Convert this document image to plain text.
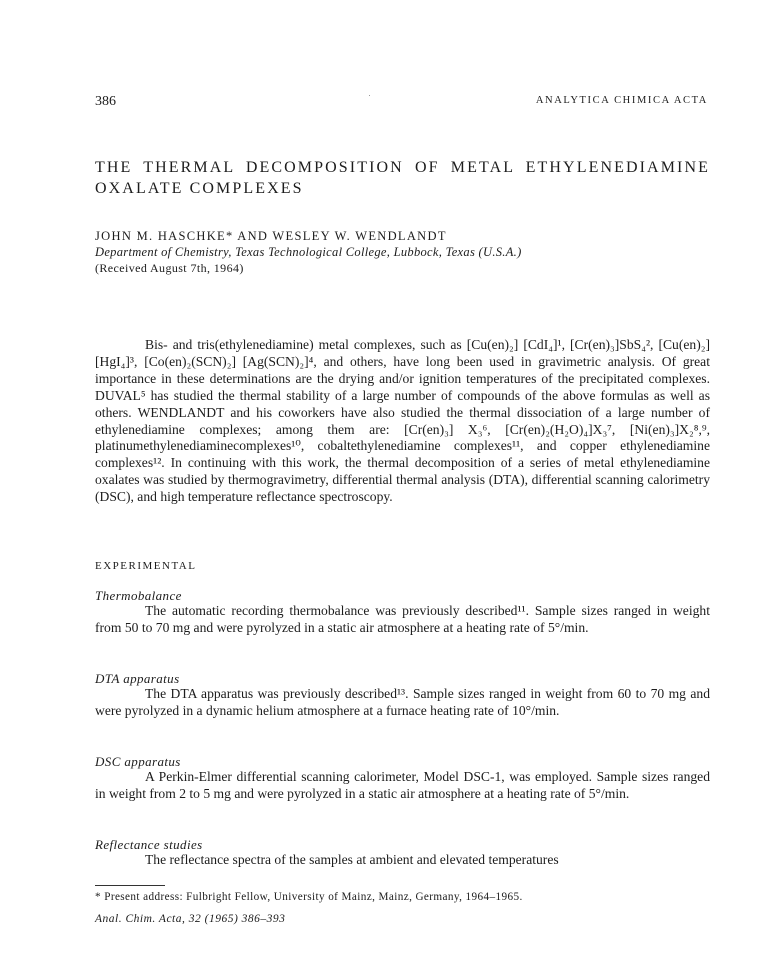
386	ANALYTICA CHIMICA ACTA
THE THERMAL DECOMPOSITION OF METAL ETHYLENEDIAMINE
OXALATE COMPLEXES
JOHN M. HASCHKE* AND WESLEY W. WENDLANDT
Department of Chemistry, Texas Technological College, Lubbock, Texas (U.S.A.)
(Received August 7th, 1964)

Bis- and tris(ethylenediamine) metal complexes, such as [Cu(en)₂] [CdI₄]¹, [Cr(en)₃]SbS₄², [Cu(en)₂] [HgI₄]³, [Co(en)₂(SCN)₂] [Ag(SCN)₂]⁴, and others, have long been used in gravimetric analysis. Of great importance in these determinations are the drying and/or ignition temperatures of the precipitated complexes. DUVAL⁵ has studied the thermal stability of a large number of compounds of the above formulas as well as others. WENDLANDT and his coworkers have also studied the thermal dissociation of a large number of ethylenediamine complexes; among them are: [Cr(en)₃] X₃⁶, [Cr(en)₂(H₂O)₄]X₃⁷, [Ni(en)₃]X₂⁸,⁹, platinumethylenediaminecomplexes¹⁰, cobaltethylenediamine complexes¹¹, and copper ethylenediamine complexes¹². In continuing with this work, the thermal decomposition of a series of metal ethylenediamine oxalates was studied by thermogravimetry, differential thermal analysis (DTA), differential scanning calorimetry (DSC), and high temperature reflectance spectroscopy.

EXPERIMENTAL
Thermobalance

The automatic recording thermobalance was previously described¹¹. Sample sizes ranged in weight from 50 to 70 mg and were pyrolyzed in a static air atmosphere at a heating rate of 5°/min.

DTA apparatus

The DTA apparatus was previously described¹³. Sample sizes ranged in weight from 60 to 70 mg and were pyrolyzed in a dynamic helium atmosphere at a furnace heating rate of 10°/min.

DSC apparatus

A Perkin-Elmer differential scanning calorimeter, Model DSC-1, was employed. Sample sizes ranged in weight from 2 to 5 mg and were pyrolyzed in a static air atmosphere at a heating rate of 5°/min.

Reflectance studies

The reflectance spectra of the samples at ambient and elevated temperatures

* Present address: Fulbright Fellow, University of Mainz, Mainz, Germany, 1964–1965.
Anal. Chim. Acta, 32 (1965) 386–393
